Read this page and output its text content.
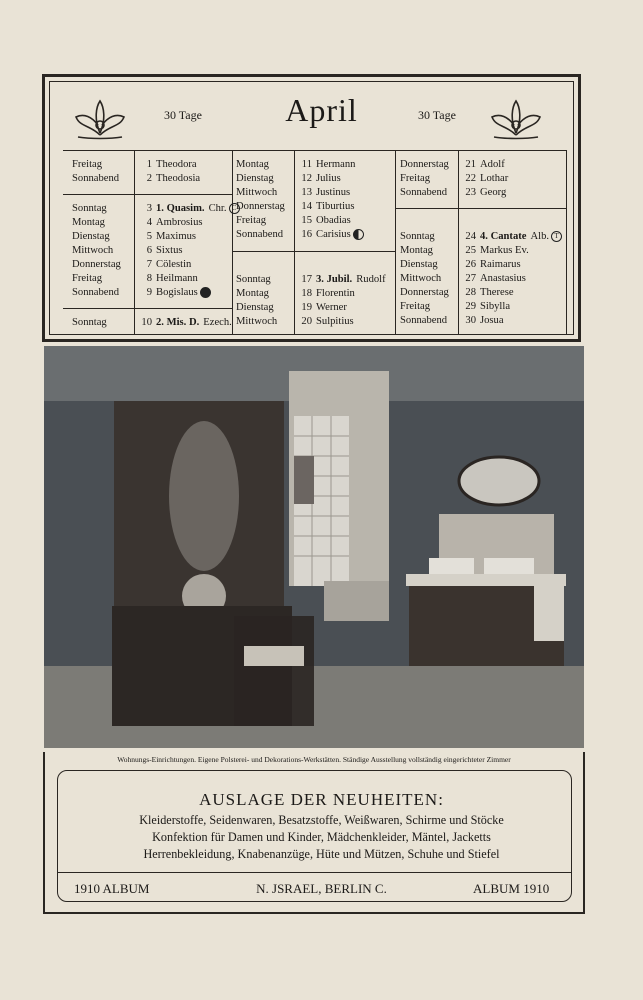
April
30 Tage	30 Tage
Freitag	1 Theodora
Sonnabend	2 Theodosia
Sonntag	3 1. Quasim. Chr. C
Montag	4 Ambrosius
Dienstag	5 Maximus
Mittwoch	6 Sixtus
Donnerstag	7 Cölestin
Freitag	8 Heilmann
Sonnabend	9 Bogislaus
Sonntag	10 2. Mis. D. Ezech.
Montag	11 Hermann
Dienstag	12 Julius
Mittwoch	13 Justinus
Donnerstag	14 Tiburtius
Freitag	15 Obadias
Sonnabend	16 Carisius
Sonntag	17 3. Jubil. Rudolf
Montag	18 Florentin
Dienstag	19 Werner
Mittwoch	20 Sulpitius
Donnerstag	21 Adolf
Freitag	22 Lothar
Sonnabend	23 Georg
Sonntag	24 4. Cantate Alb. T
Montag	25 Markus Ev.
Dienstag	26 Raimarus
Mittwoch	27 Anastasius
Donnerstag	28 Therese
Freitag	29 Sibylla
Sonnabend	30 Josua
Wohnungs-Einrichtungen. Eigene Polsterei- und Dekorations-Werkstätten. Ständige Ausstellung vollständig eingerichteter Zimmer
AUSLAGE DER NEUHEITEN:
Kleiderstoffe, Seidenwaren, Besatzstoffe, Weißwaren, Schirme und Stöcke
Konfektion für Damen und Kinder, Mädchenkleider, Mäntel, Jacketts
Herrenbekleidung, Knabenanzüge, Hüte und Mützen, Schuhe und Stiefel
1910 ALBUM	N. JSRAEL, BERLIN C.	ALBUM 1910
